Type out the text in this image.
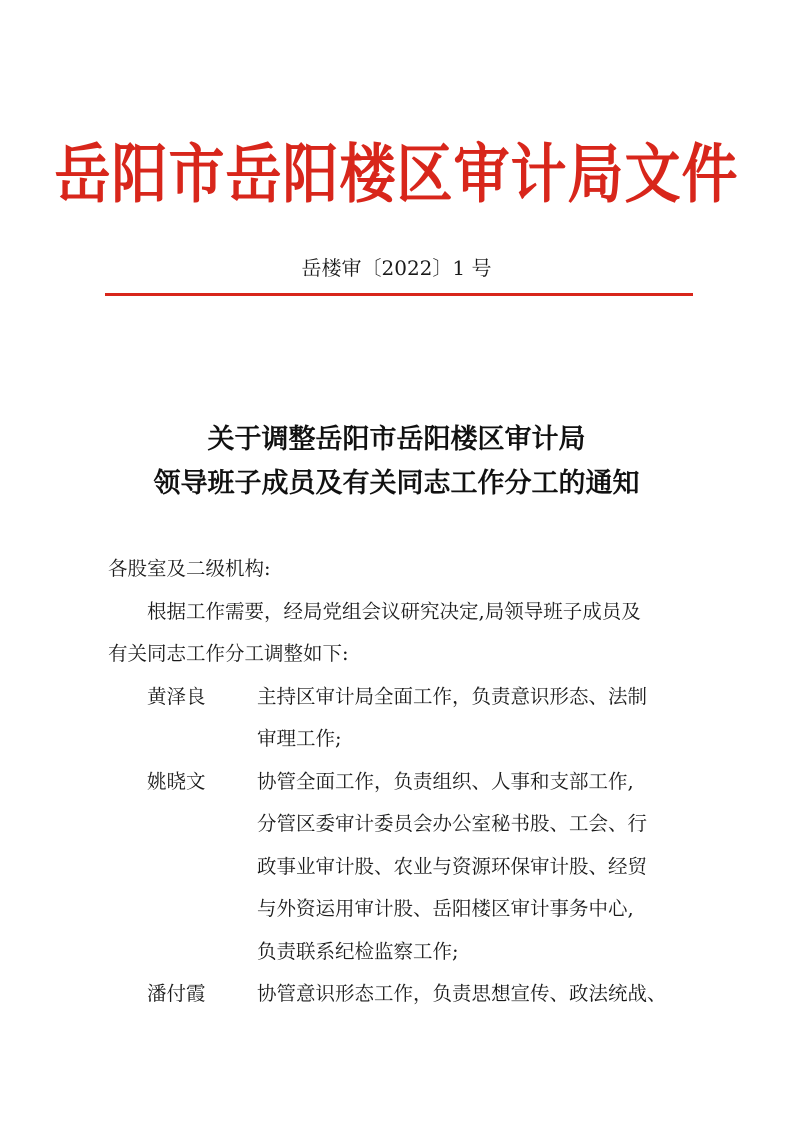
岳阳市岳阳楼区审计局文件
岳楼审〔2022〕1 号
关于调整岳阳市岳阳楼区审计局
领导班子成员及有关同志工作分工的通知
各股室及二级机构:
根据工作需要，经局党组会议研究决定,局领导班子成员及
有关同志工作分工调整如下:
黄泽良	主持区审计局全面工作，负责意识形态、法制
审理工作;
姚晓文	协管全面工作，负责组织、人事和支部工作,
分管区委审计委员会办公室秘书股、工会、行
政事业审计股、农业与资源环保审计股、经贸
与外资运用审计股、岳阳楼区审计事务中心,
负责联系纪检监察工作;
潘付霞	协管意识形态工作，负责思想宣传、政法统战、
